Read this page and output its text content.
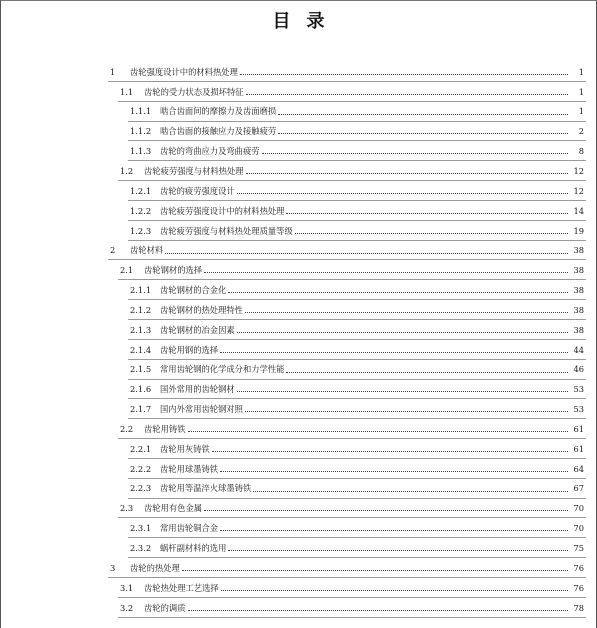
目录
1	齿轮强度设计中的材料热处理	1
1.1	齿轮的受力状态及损坏特征	1
1.1.1	啮合齿面间的摩擦力及齿面磨损	1
1.1.2	啮合齿面的接触应力及接触疲劳	2
1.1.3	齿轮的弯曲应力及弯曲疲劳	8
1.2	齿轮疲劳强度与材料热处理	12
1.2.1	齿轮的疲劳强度设计	12
1.2.2	齿轮疲劳强度设计中的材料热处理	14
1.2.3	齿轮疲劳强度与材料热处理质量等级	19
2	齿轮材料	38
2.1	齿轮钢材的选择	38
2.1.1	齿轮钢材的合金化	38
2.1.2	齿轮钢材的热处理特性	38
2.1.3	齿轮钢材的冶金因素	38
2.1.4	齿轮用钢的选择	44
2.1.5	常用齿轮钢的化学成分和力学性能	46
2.1.6	国外常用的齿轮钢材	53
2.1.7	国内外常用齿轮钢对照	53
2.2	齿轮用铸铁	61
2.2.1	齿轮用灰铸铁	61
2.2.2	齿轮用球墨铸铁	64
2.2.3	齿轮用等温淬火球墨铸铁	67
2.3	齿轮用有色金属	70
2.3.1	常用齿轮铜合金	70
2.3.2	蜗杆副材料的选用	75
3	齿轮的热处理	76
3.1	齿轮热处理工艺选择	76
3.2	齿轮的调质	78
